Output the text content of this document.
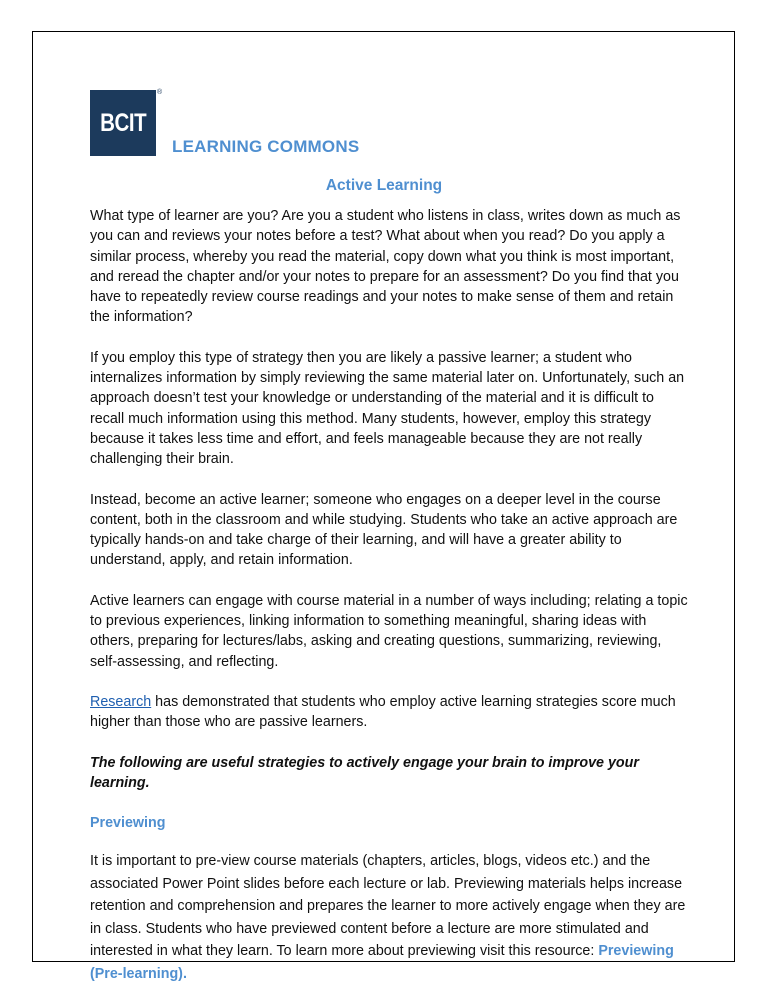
BCIT
®
LEARNING COMMONS
Active Learning

What type of learner are you? Are you a student who listens in class, writes down as much as you can and reviews your notes before a test? What about when you read? Do you apply a similar process, whereby you read the material, copy down what you think is most important, and reread the chapter and/or your notes to prepare for an assessment? Do you find that you have to repeatedly review course readings and your notes to make sense of them and retain the information?

If you employ this type of strategy then you are likely a passive learner; a student who internalizes information by simply reviewing the same material later on. Unfortunately, such an approach doesn’t test your knowledge or understanding of the material and it is difficult to recall much information using this method. Many students, however, employ this strategy because it takes less time and effort, and feels manageable because they are not really challenging their brain.

Instead, become an active learner; someone who engages on a deeper level in the course content, both in the classroom and while studying. Students who take an active approach are typically hands-on and take charge of their learning, and will have a greater ability to understand, apply, and retain information.

Active learners can engage with course material in a number of ways including; relating a topic to previous experiences, linking information to something meaningful, sharing ideas with others, preparing for lectures/labs, asking and creating questions, summarizing, reviewing, self-assessing, and reflecting.

Research has demonstrated that students who employ active learning strategies score much higher than those who are passive learners.

The following are useful strategies to actively engage your brain to improve your learning.

Previewing

It is important to pre-view course materials (chapters, articles, blogs, videos etc.) and the associated Power Point slides before each lecture or lab. Previewing materials helps increase retention and comprehension and prepares the learner to more actively engage when they are in class. Students who have previewed content before a lecture are more stimulated and interested in what they learn. To learn more about previewing visit this resource: Previewing (Pre-learning).
